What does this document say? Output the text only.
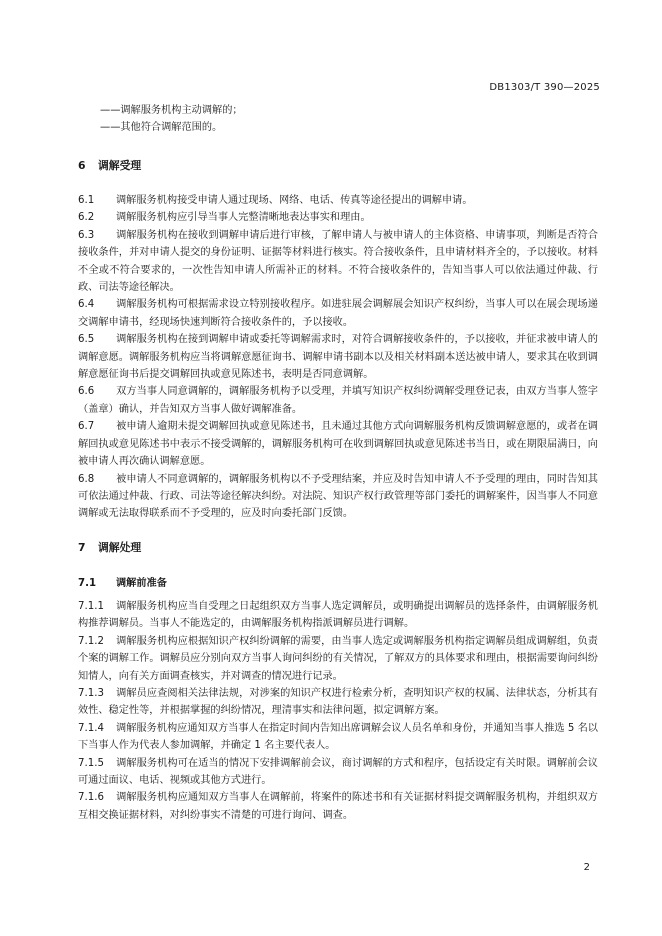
DB1303/T 390—2025

——调解服务机构主动调解的；

——其他符合调解范围的。

6 调解受理

6.1 调解服务机构接受申请人通过现场、网络、电话、传真等途径提出的调解申请。

6.2 调解服务机构应引导当事人完整清晰地表达事实和理由。

6.3 调解服务机构在接收到调解申请后进行审核，了解申请人与被申请人的主体资格、申请事项，判断是否符合接收条件，并对申请人提交的身份证明、证据等材料进行核实。符合接收条件，且申请材料齐全的，予以接收。材料不全或不符合要求的，一次性告知申请人所需补正的材料。不符合接收条件的，告知当事人可以依法通过仲裁、行政、司法等途径解决。

6.4 调解服务机构可根据需求设立特别接收程序。如进驻展会调解展会知识产权纠纷，当事人可以在展会现场递交调解申请书，经现场快速判断符合接收条件的，予以接收。

6.5 调解服务机构在接到调解申请或委托等调解需求时，对符合调解接收条件的，予以接收，并征求被申请人的调解意愿。调解服务机构应当将调解意愿征询书、调解申请书副本以及相关材料副本送达被申请人，要求其在收到调解意愿征询书后提交调解回执或意见陈述书，表明是否同意调解。

6.6 双方当事人同意调解的，调解服务机构予以受理，并填写知识产权纠纷调解受理登记表，由双方当事人签字（盖章）确认，并告知双方当事人做好调解准备。

6.7 被申请人逾期未提交调解回执或意见陈述书，且未通过其他方式向调解服务机构反馈调解意愿的，或者在调解回执或意见陈述书中表示不接受调解的，调解服务机构可在收到调解回执或意见陈述书当日，或在期限届满日，向被申请人再次确认调解意愿。

6.8 被申请人不同意调解的，调解服务机构以不予受理结案，并应及时告知申请人不予受理的理由，同时告知其可依法通过仲裁、行政、司法等途径解决纠纷。对法院、知识产权行政管理等部门委托的调解案件，因当事人不同意调解或无法取得联系而不予受理的，应及时向委托部门反馈。

7 调解处理
7.1 调解前准备

7.1.1 调解服务机构应当自受理之日起组织双方当事人选定调解员，或明确提出调解员的选择条件，由调解服务机构推荐调解员。当事人不能选定的，由调解服务机构指派调解员进行调解。

7.1.2 调解服务机构应根据知识产权纠纷调解的需要，由当事人选定或调解服务机构指定调解员组成调解组，负责个案的调解工作。调解员应分别向双方当事人询问纠纷的有关情况，了解双方的具体要求和理由，根据需要询问纠纷知情人，向有关方面调查核实，并对调查的情况进行记录。

7.1.3 调解员应查阅相关法律法规，对涉案的知识产权进行检索分析，查明知识产权的权属、法律状态，分析其有效性、稳定性等，并根据掌握的纠纷情况，理清事实和法律问题，拟定调解方案。

7.1.4 调解服务机构应通知双方当事人在指定时间内告知出席调解会议人员名单和身份，并通知当事人推选 5 名以下当事人作为代表人参加调解，并确定 1 名主要代表人。

7.1.5 调解服务机构可在适当的情况下安排调解前会议，商讨调解的方式和程序，包括设定有关时限。调解前会议可通过面议、电话、视频或其他方式进行。

7.1.6 调解服务机构应通知双方当事人在调解前，将案件的陈述书和有关证据材料提交调解服务机构，并组织双方互相交换证据材料，对纠纷事实不清楚的可进行询问、调查。

2
